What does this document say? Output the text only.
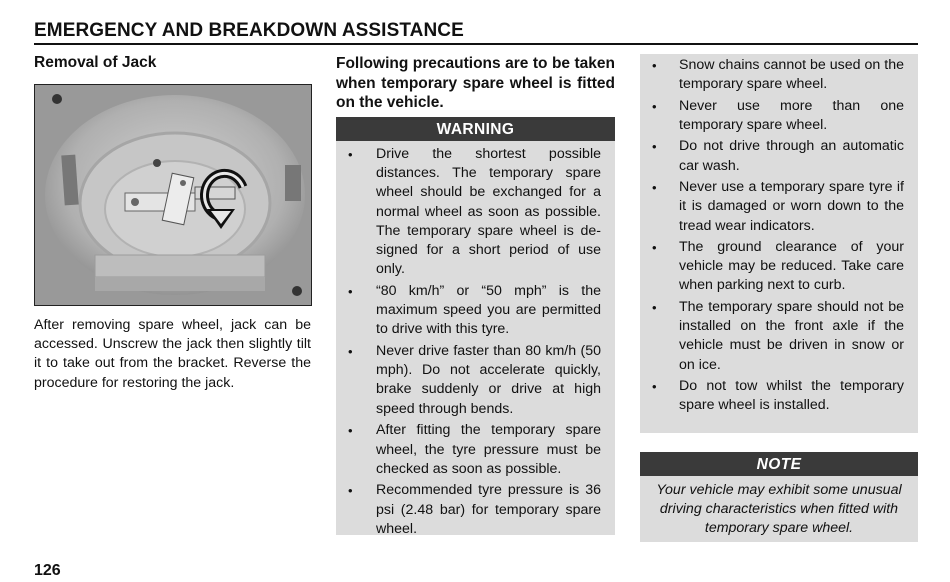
EMERGENCY AND BREAKDOWN ASSISTANCE
Removal of Jack
After removing spare wheel, jack can be accessed. Unscrew the jack then slightly tilt it to take out from the bracket. Reverse the procedure for restoring the jack.
Following precautions are to be taken when temporary spare wheel is fitted on the vehicle.
WARNING
• Drive the shortest possible distances. The temporary spare wheel should be exchanged for a normal wheel as soon as possible. The temporary spare wheel is de-signed for a short period of use only.
• “80 km/h” or “50 mph” is the maximum speed you are permitted to drive with this tyre.
• Never drive faster than 80 km/h (50 mph). Do not accelerate quickly, brake suddenly or drive at high speed through bends.
• After fitting the temporary spare wheel, the tyre pressure must be checked as soon as possible.
• Recommended tyre pressure is 36 psi (2.48 bar) for temporary spare wheel.
• Snow chains cannot be used on the temporary spare wheel.
• Never use more than one temporary spare wheel.
• Do not drive through an automatic car wash.
• Never use a temporary spare tyre if it is damaged or worn down to the tread wear indicators.
• The ground clearance of your vehicle may be reduced. Take care when parking next to curb.
• The temporary spare should not be installed on the front axle if the vehicle must be driven in snow or on ice.
• Do not tow whilst the temporary spare wheel is installed.
NOTE
Your vehicle may exhibit some unusual driving characteristics when fitted with temporary spare wheel.
126
